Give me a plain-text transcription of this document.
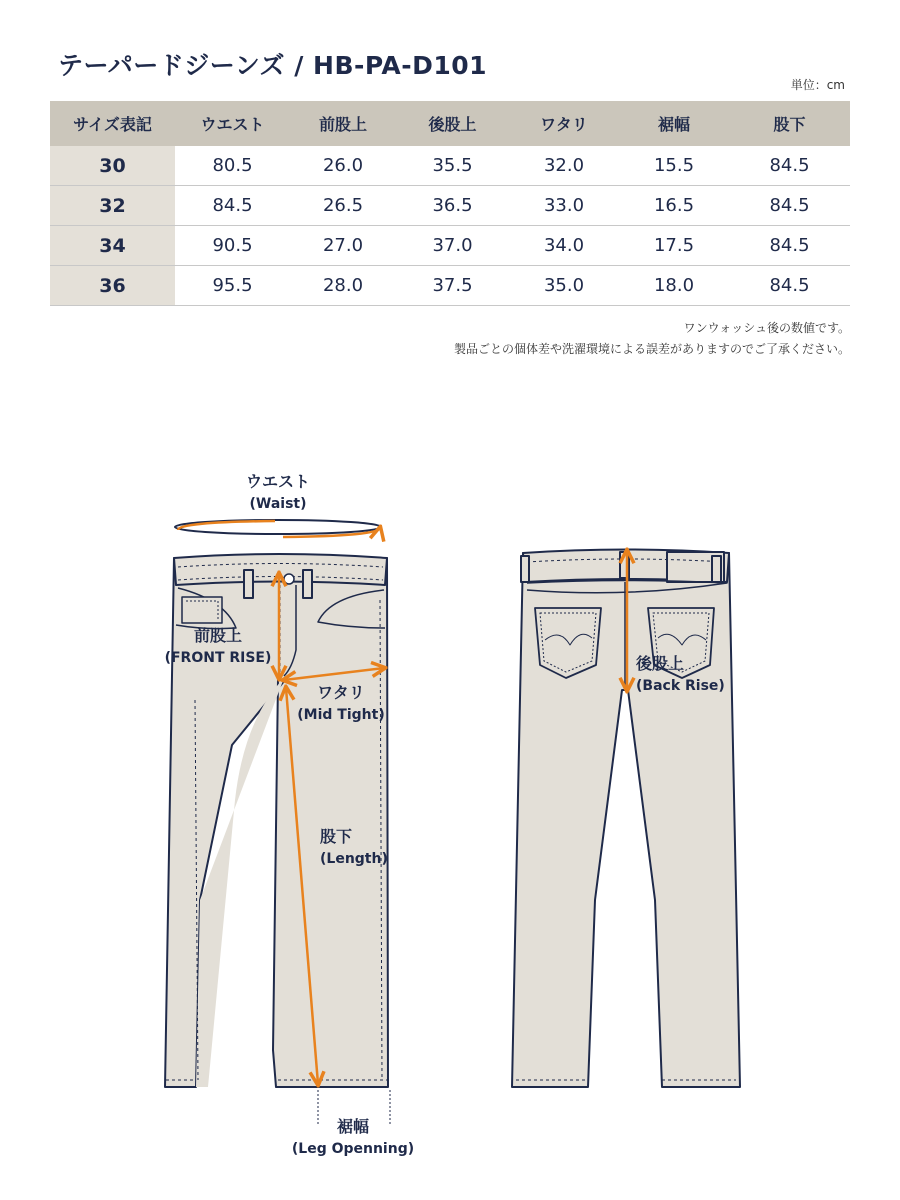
テーパードジーンズ / HB-PA-D101
単位：cm
サイズ表記	ウエスト	前股上	後股上	ワタリ	裾幅	股下
30	80.5	26.0	35.5	32.0	15.5	84.5
32	84.5	26.5	36.5	33.0	16.5	84.5
34	90.5	27.0	37.0	34.0	17.5	84.5
36	95.5	28.0	37.5	35.0	18.0	84.5
ワンウォッシュ後の数値です。
製品ごとの個体差や洗濯環境による誤差がありますのでご了承ください。
ウエスト
(Waist)
前股上
(FRONT RISE)
ワタリ
(Mid Tight)
股下
(Length)
裾幅
(Leg Openning)
後股上
(Back Rise)
